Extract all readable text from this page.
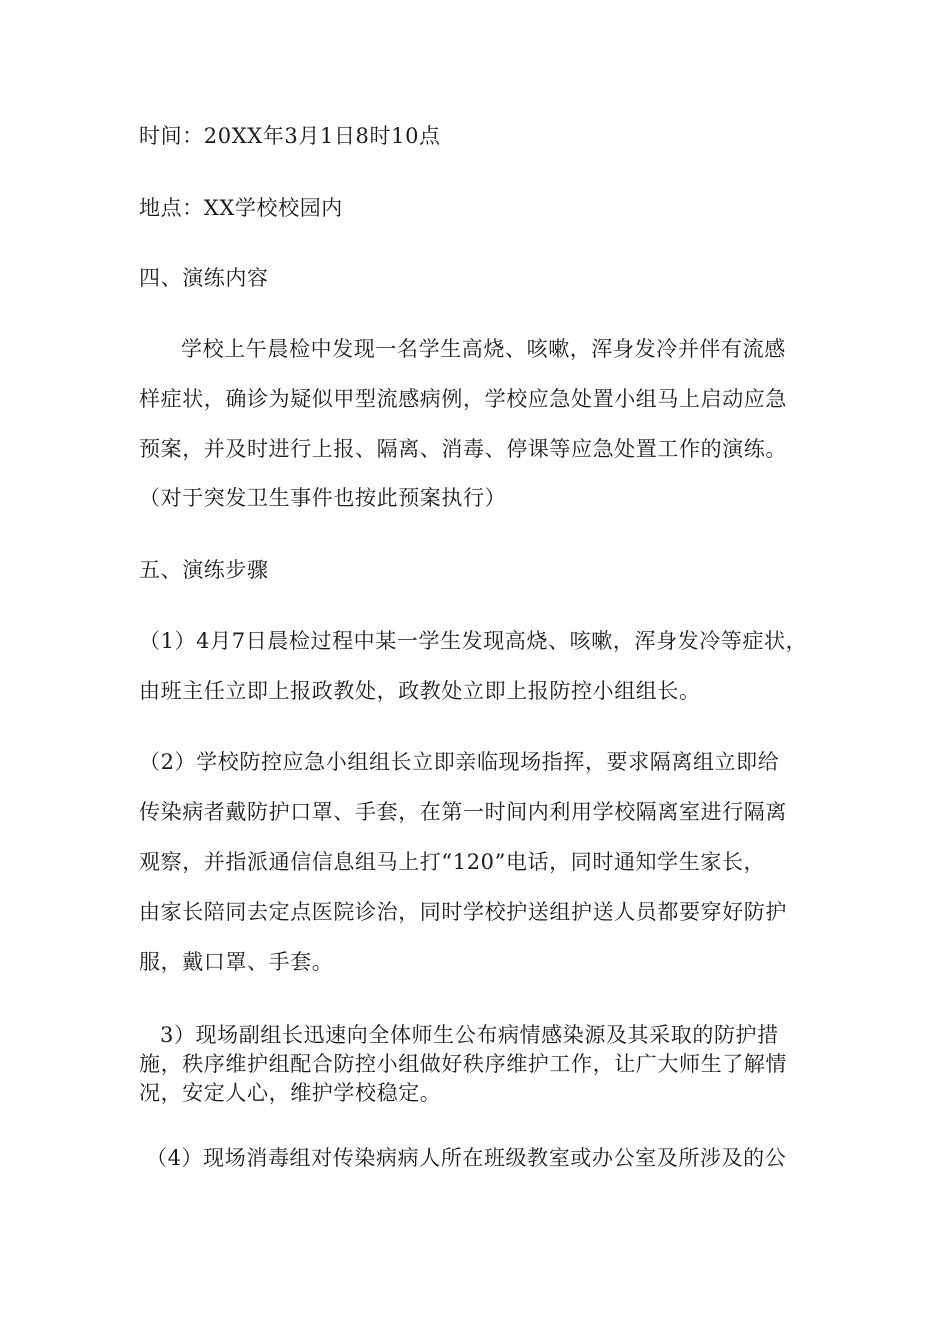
时间：20XX年3月1日8时10点
地点：XX学校校园内
四、演练内容
学校上午晨检中发现一名学生高烧、咳嗽，浑身发冷并伴有流感
样症状，确诊为疑似甲型流感病例，学校应急处置小组马上启动应急
预案，并及时进行上报、隔离、消毒、停课等应急处置工作的演练。
（对于突发卫生事件也按此预案执行）
五、演练步骤
（1）4月7日晨检过程中某一学生发现高烧、咳嗽，浑身发冷等症状，
由班主任立即上报政教处，政教处立即上报防控小组组长。
（2）学校防控应急小组组长立即亲临现场指挥，要求隔离组立即给
传染病者戴防护口罩、手套，在第一时间内利用学校隔离室进行隔离
观察，并指派通信信息组马上打“120”电话，同时通知学生家长，
由家长陪同去定点医院诊治，同时学校护送组护送人员都要穿好防护
服，戴口罩、手套。
3）现场副组长迅速向全体师生公布病情感染源及其采取的防护措
施，秩序维护组配合防控小组做好秩序维护工作，让广大师生了解情
况，安定人心，维护学校稳定。
（4）现场消毒组对传染病病人所在班级教室或办公室及所涉及的公
